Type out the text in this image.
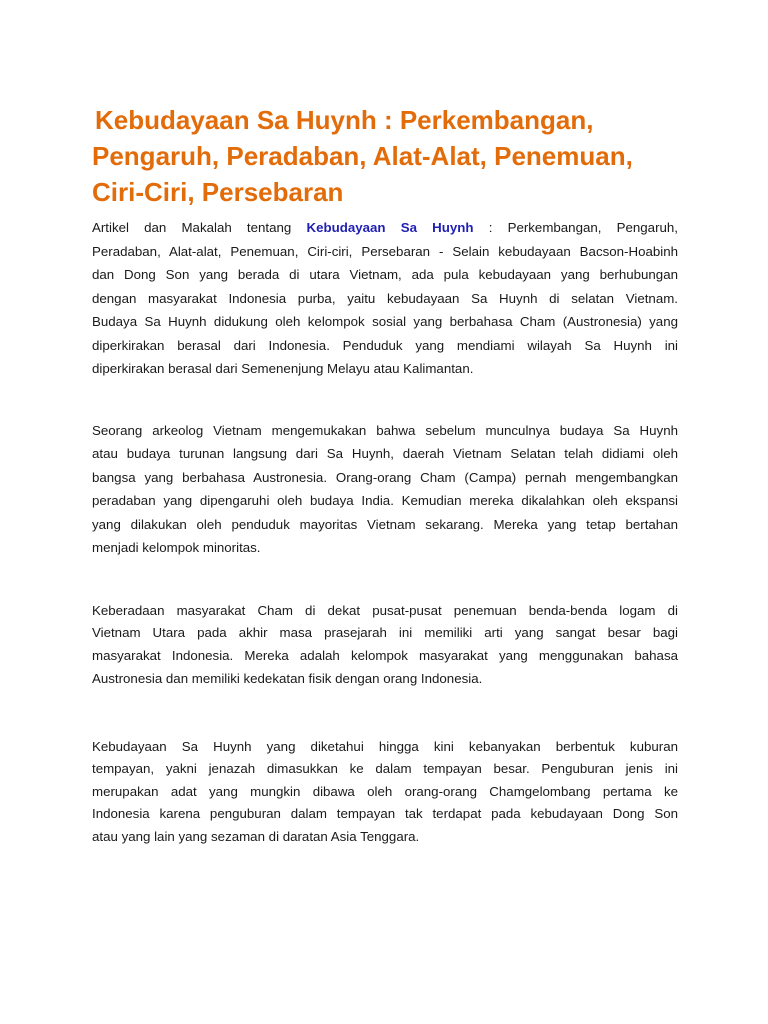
Kebudayaan Sa Huynh : Perkembangan,
Pengaruh, Peradaban, Alat-Alat, Penemuan,
Ciri-Ciri, Persebaran
Artikel dan Makalah tentang Kebudayaan Sa Huynh : Perkembangan, Pengaruh,
Peradaban, Alat-alat, Penemuan, Ciri-ciri, Persebaran - Selain kebudayaan Bacson-Hoabinh
dan Dong Son yang berada di utara Vietnam, ada pula kebudayaan yang berhubungan
dengan masyarakat Indonesia purba, yaitu kebudayaan Sa Huynh di selatan Vietnam.
Budaya Sa Huynh didukung oleh kelompok sosial yang berbahasa Cham (Austronesia) yang
diperkirakan berasal dari Indonesia. Penduduk yang mendiami wilayah Sa Huynh ini
diperkirakan berasal dari Semenenjung Melayu atau Kalimantan.
Seorang arkeolog Vietnam mengemukakan bahwa sebelum munculnya budaya Sa Huynh
atau budaya turunan langsung dari Sa Huynh, daerah Vietnam Selatan telah didiami oleh
bangsa yang berbahasa Austronesia. Orang-orang Cham (Campa) pernah mengembangkan
peradaban yang dipengaruhi oleh budaya India. Kemudian mereka dikalahkan oleh ekspansi
yang dilakukan oleh penduduk mayoritas Vietnam sekarang. Mereka yang tetap bertahan
menjadi kelompok minoritas.
Keberadaan masyarakat Cham di dekat pusat-pusat penemuan benda-benda logam di
Vietnam Utara pada akhir masa prasejarah ini memiliki arti yang sangat besar bagi
masyarakat Indonesia. Mereka adalah kelompok masyarakat yang menggunakan bahasa
Austronesia dan memiliki kedekatan fisik dengan orang Indonesia.
Kebudayaan Sa Huynh yang diketahui hingga kini kebanyakan berbentuk kuburan
tempayan, yakni jenazah dimasukkan ke dalam tempayan besar. Penguburan jenis ini
merupakan adat yang mungkin dibawa oleh orang-orang Chamgelombang pertama ke
Indonesia karena penguburan dalam tempayan tak terdapat pada kebudayaan Dong Son
atau yang lain yang sezaman di daratan Asia Tenggara.
